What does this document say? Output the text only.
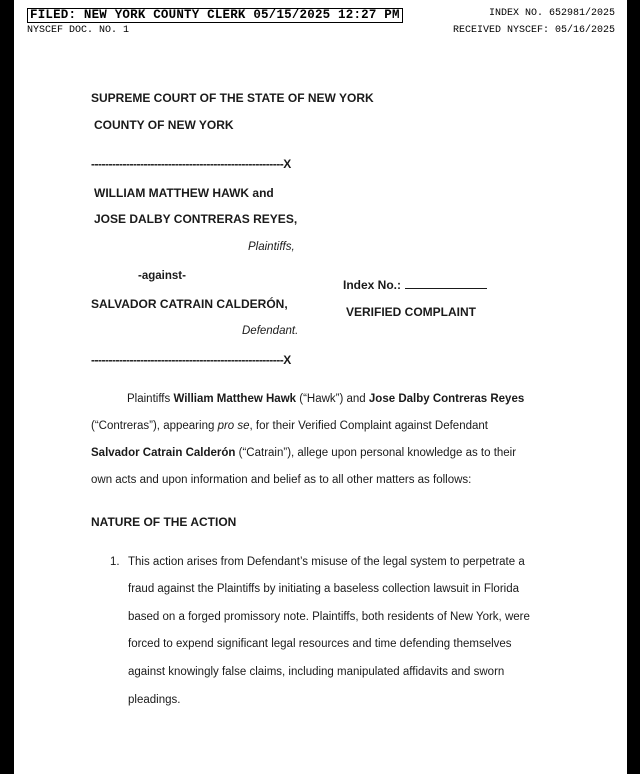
FILED: NEW YORK COUNTY CLERK 05/15/2025 12:27 PM	INDEX NO. 652981/2025
NYSCEF DOC. NO. 1	RECEIVED NYSCEF: 05/16/2025
SUPREME COURT OF THE STATE OF NEW YORK
COUNTY OF NEW YORK
-------------------------------------------------------X
WILLIAM MATTHEW HAWK and
JOSE DALBY CONTRERAS REYES,
Plaintiffs,
-against-
SALVADOR CATRAIN CALDERÓN,
Defendant.
Index No.:
VERIFIED COMPLAINT
-------------------------------------------------------X
Plaintiffs William Matthew Hawk (“Hawk”) and Jose Dalby Contreras Reyes
(“Contreras”), appearing pro se, for their Verified Complaint against Defendant
Salvador Catrain Calderón (“Catrain”), allege upon personal knowledge as to their
own acts and upon information and belief as to all other matters as follows:
NATURE OF THE ACTION
1. This action arises from Defendant’s misuse of the legal system to perpetrate a
fraud against the Plaintiffs by initiating a baseless collection lawsuit in Florida
based on a forged promissory note. Plaintiffs, both residents of New York, were
forced to expend significant legal resources and time defending themselves
against knowingly false claims, including manipulated affidavits and sworn
pleadings.
